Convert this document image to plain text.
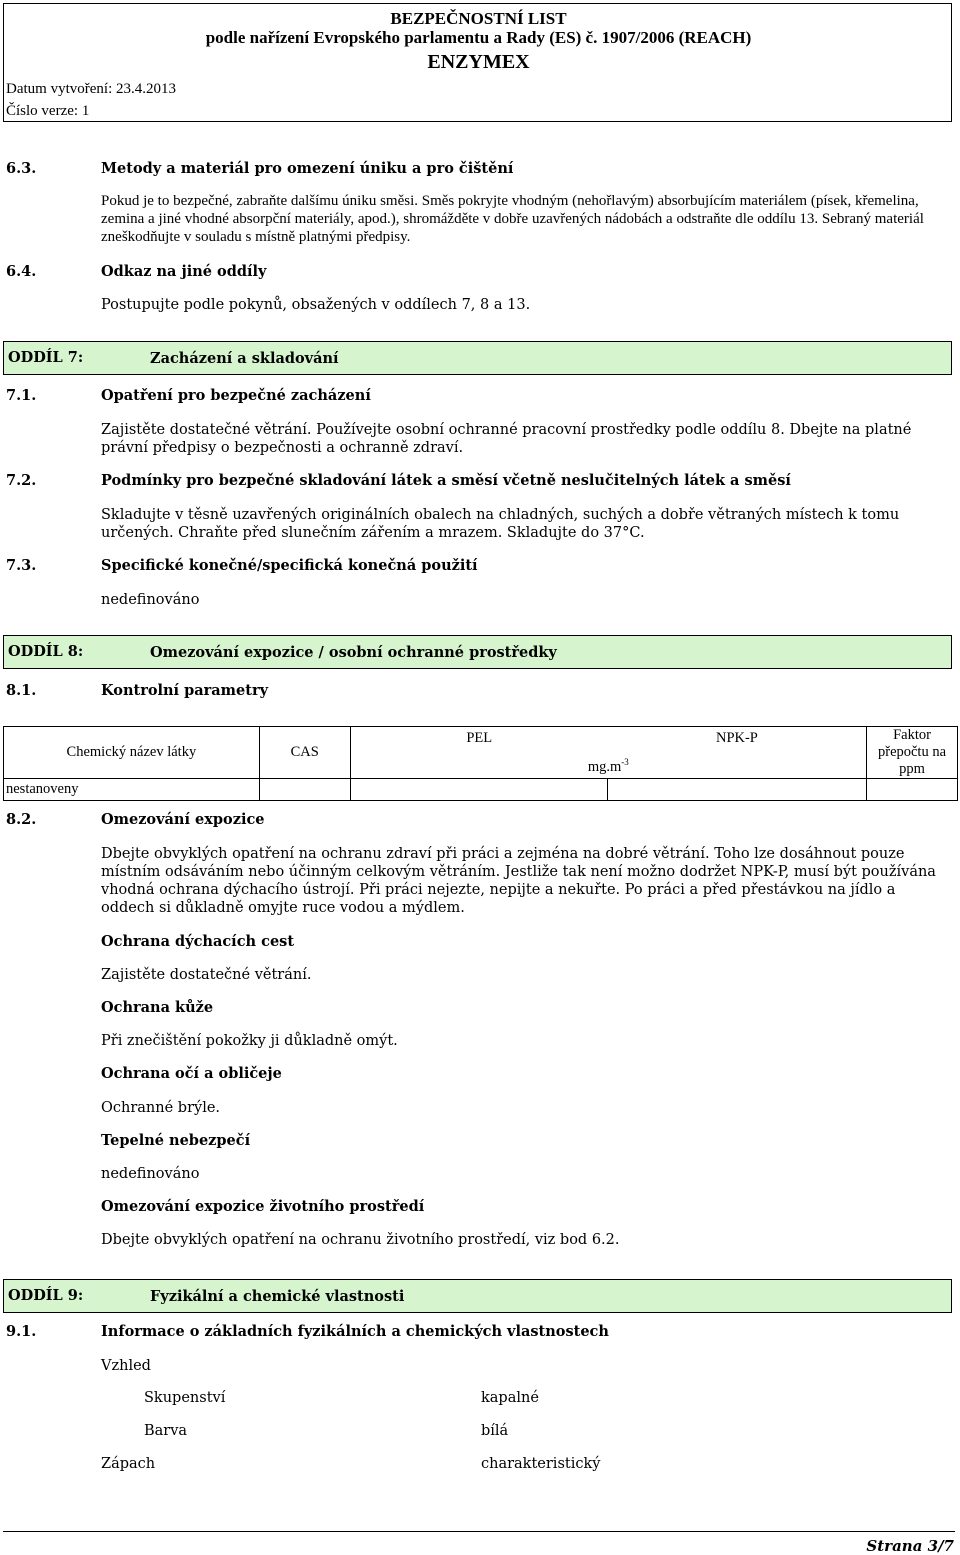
BEZPEČNOSTNÍ LIST
podle nařízení Evropského parlamentu a Rady (ES) č. 1907/2006 (REACH)
ENZYMEX
Datum vytvoření: 23.4.2013
Číslo verze: 1
6.3.	Metody a materiál pro omezení úniku a pro čištění
Pokud je to bezpečné, zabraňte dalšímu úniku směsi. Směs pokryjte vhodným (nehořlavým) absorbujícím materiálem (písek, křemelina, zemina a jiné vhodné absorpční materiály, apod.), shromážděte v dobře uzavřených nádobách a odstraňte dle oddílu 13. Sebraný materiál zneškodňujte v souladu s místně platnými předpisy.
6.4.	Odkaz na jiné oddíly
Postupujte podle pokynů, obsažených v oddílech 7, 8 a 13.
ODDÍL 7:	Zacházení a skladování
7.1.	Opatření pro bezpečné zacházení
Zajistěte dostatečné větrání. Používejte osobní ochranné pracovní prostředky podle oddílu 8. Dbejte na platné právní předpisy o bezpečnosti a ochranně zdraví.
7.2.	Podmínky pro bezpečné skladování látek a směsí včetně neslučitelných látek a směsí
Skladujte v těsně uzavřených originálních obalech na chladných, suchých a dobře větraných místech k tomu určených. Chraňte před slunečním zářením a mrazem. Skladujte do 37°C.
7.3.	Specifické konečné/specifická konečná použití
nedefinováno
ODDÍL 8:	Omezování expozice / osobní ochranné prostředky
8.1.	Kontrolní parametry
Chemický název látky	CAS	PEL	NPK-P	Faktor přepočtu na ppm
		$mg.m^{-3}$
nestanoveny				
8.2.	Omezování expozice
Dbejte obvyklých opatření na ochranu zdraví při práci a zejména na dobré větrání. Toho lze dosáhnout pouze místním odsáváním nebo účinným celkovým větráním. Jestliže tak není možno dodržet NPK-P, musí být používána vhodná ochrana dýchacího ústrojí. Při práci nejezte, nepijte a nekuřte. Po práci a před přestávkou na jídlo a oddech si důkladně omyjte ruce vodou a mýdlem.
Ochrana dýchacích cest
Zajistěte dostatečné větrání.
Ochrana kůže
Při znečištění pokožky ji důkladně omýt.
Ochrana očí a obličeje
Ochranné brýle.
Tepelné nebezpečí
nedefinováno
Omezování expozice životního prostředí
Dbejte obvyklých opatření na ochranu životního prostředí, viz bod 6.2.
ODDÍL 9:	Fyzikální a chemické vlastnosti
9.1.	Informace o základních fyzikálních a chemických vlastnostech
Vzhled
Skupenství	kapalné
Barva	bílá
Zápach	charakteristický
Strana 3/7
